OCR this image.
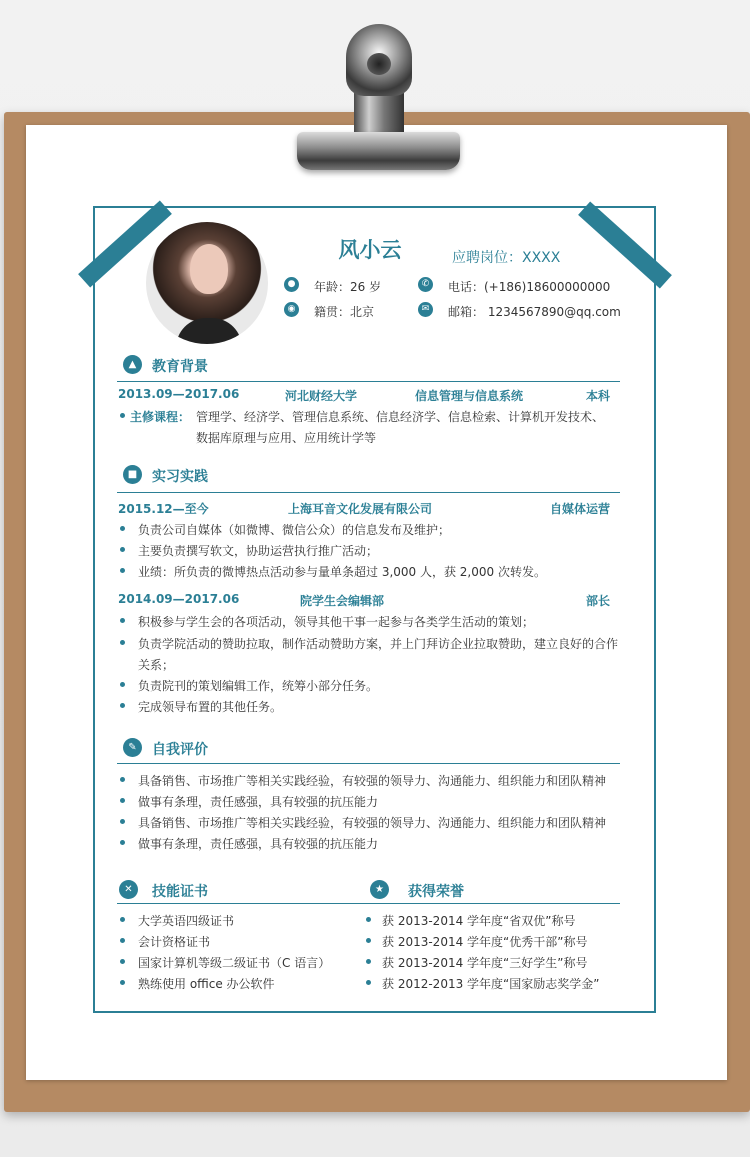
风小云	应聘岗位：XXXX
● 年龄：26 岁	✆	电话：(+186)18600000000
◉ 籍贯：北京	✉	邮箱： 1234567890@qq.com
▲	教育背景
2013.09—2017.06	河北财经大学	信息管理与信息系统	本科
主修课程： 管理学、经济学、管理信息系统、信息经济学、信息检索、计算机开发技术、
数据库原理与应用、应用统计学等
■	实习实践
2015.12—至今	上海耳音文化发展有限公司	自媒体运营
负责公司自媒体（如微博、微信公众）的信息发布及维护；
主要负责撰写软文，协助运营执行推广活动；
业绩：所负责的微博热点活动参与量单条超过 3,000 人，获 2,000 次转发。
2014.09—2017.06	院学生会编辑部	部长
积极参与学生会的各项活动，领导其他干事一起参与各类学生活动的策划；
负责学院活动的赞助拉取，制作活动赞助方案，并上门拜访企业拉取赞助，建立良好的合作
关系；
负责院刊的策划编辑工作，统筹小部分任务。
完成领导布置的其他任务。
✎	自我评价
具备销售、市场推广等相关实践经验，有较强的领导力、沟通能力、组织能力和团队精神
做事有条理，责任感强，具有较强的抗压能力
具备销售、市场推广等相关实践经验，有较强的领导力、沟通能力、组织能力和团队精神
做事有条理，责任感强，具有较强的抗压能力
✕	技能证书
大学英语四级证书
会计资格证书
国家计算机等级二级证书（C 语言）
熟练使用 office 办公软件
★	获得荣誉
获 2013-2014 学年度“省双优”称号
获 2013-2014 学年度“优秀干部”称号
获 2013-2014 学年度“三好学生”称号
获 2012-2013 学年度“国家励志奖学金”
